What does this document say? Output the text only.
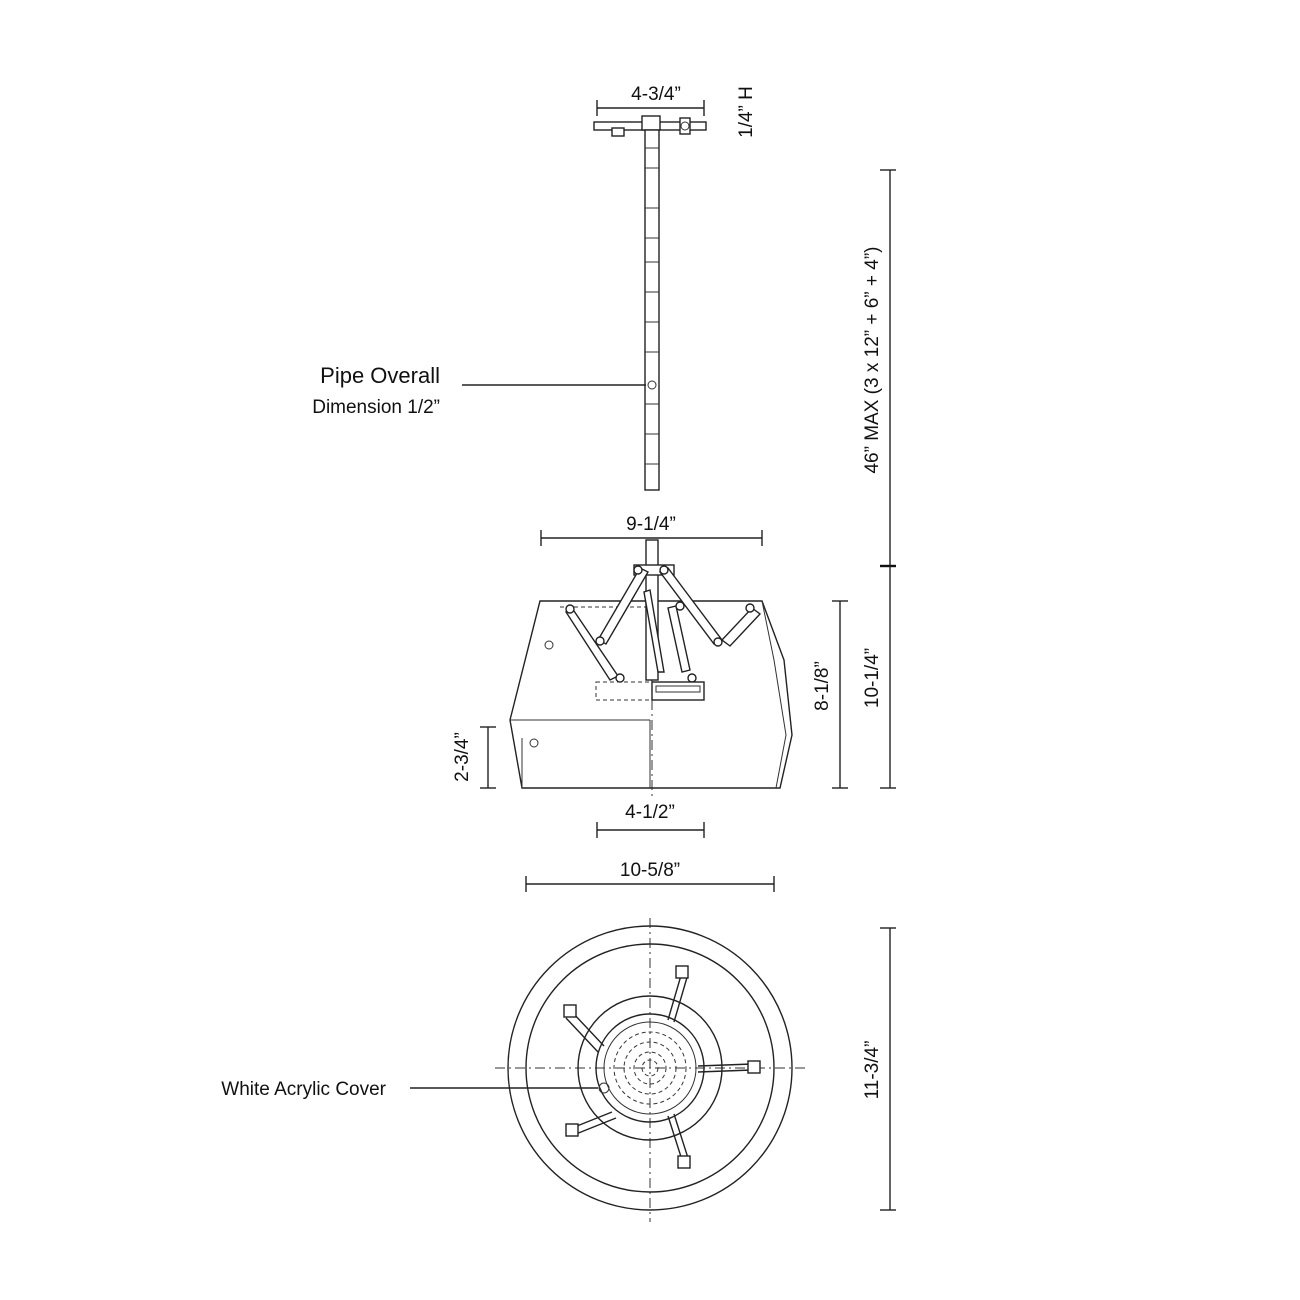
4-3/4”	1/4” H
Pipe Overall
Dimension 1/2”	46” MAX (3 x 12” + 6” + 4”)
9-1/4”
8-1/8” 10-1/4”
2-3/4”
4-1/2”
10-5/8”
White Acrylic Cover	11-3/4”
